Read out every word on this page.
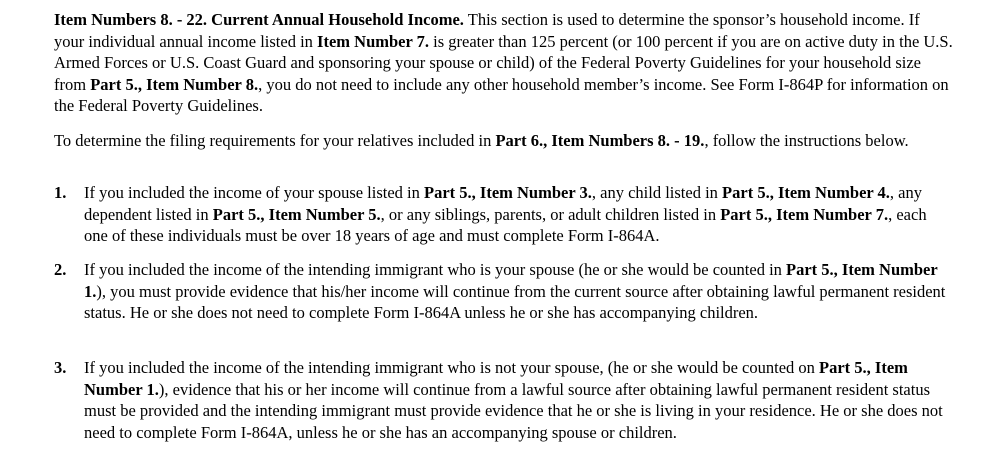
Item Numbers 8. - 22. Current Annual Household Income. This section is used to determine the sponsor’s household income. If your individual annual income listed in Item Number 7. is greater than 125 percent (or 100 percent if you are on active duty in the U.S. Armed Forces or U.S. Coast Guard and sponsoring your spouse or child) of the Federal Poverty Guidelines for your household size from Part 5., Item Number 8., you do not need to include any other household member’s income. See Form I-864P for information on the Federal Poverty Guidelines.

To determine the filing requirements for your relatives included in Part 6., Item Numbers 8. - 19., follow the instructions below.

1. If you included the income of your spouse listed in Part 5., Item Number 3., any child listed in Part 5., Item Number 4., any dependent listed in Part 5., Item Number 5., or any siblings, parents, or adult children listed in Part 5., Item Number 7., each one of these individuals must be over 18 years of age and must complete Form I-864A.

2. If you included the income of the intending immigrant who is your spouse (he or she would be counted in Part 5., Item Number 1.), you must provide evidence that his/her income will continue from the current source after obtaining lawful permanent resident status. He or she does not need to complete Form I-864A unless he or she has accompanying children.

3. If you included the income of the intending immigrant who is not your spouse, (he or she would be counted on Part 5., Item Number 1.), evidence that his or her income will continue from a lawful source after obtaining lawful permanent resident status must be provided and the intending immigrant must provide evidence that he or she is living in your residence. He or she does not need to complete Form I-864A, unless he or she has an accompanying spouse or children.
